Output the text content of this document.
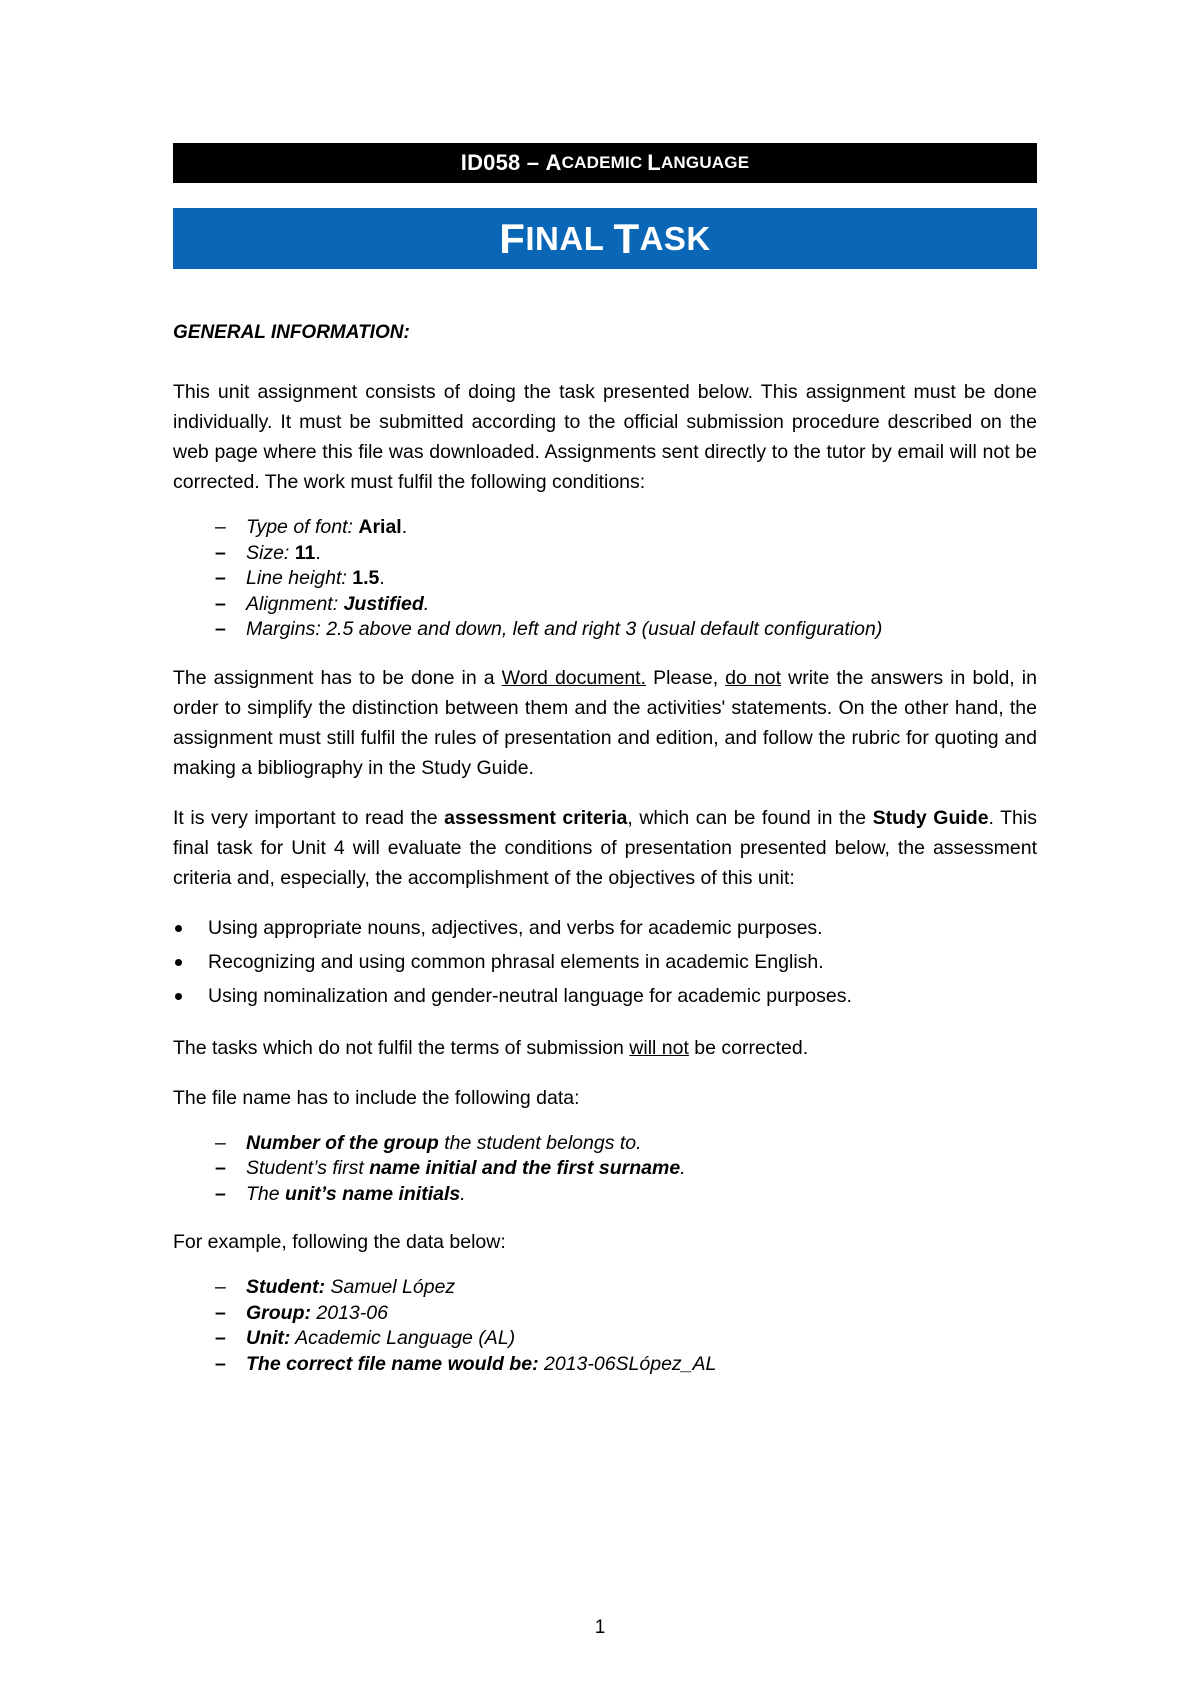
ID058 – A CADEMIC L ANGUAGE
F INAL T ASK
GENERAL INFORMATION:

This unit assignment consists of doing the task presented below. This assignment must be done individually. It must be submitted according to the official submission procedure described on the web page where this file was downloaded. Assignments sent directly to the tutor by email will not be corrected. The work must fulfil the following conditions:

– Type of font: Arial.
– Size: 11.
– Line height: 1.5.
– Alignment: Justified.
– Margins: 2.5 above and down, left and right 3 (usual default configuration)

The assignment has to be done in a Word document. Please, do not write the answers in bold, in order to simplify the distinction between them and the activities' statements. On the other hand, the assignment must still fulfil the rules of presentation and edition, and follow the rubric for quoting and making a bibliography in the Study Guide.

It is very important to read the assessment criteria, which can be found in the Study Guide. This final task for Unit 4 will evaluate the conditions of presentation presented below, the assessment criteria and, especially, the accomplishment of the objectives of this unit:

Using appropriate nouns, adjectives, and verbs for academic purposes.
Recognizing and using common phrasal elements in academic English.
Using nominalization and gender-neutral language for academic purposes.

The tasks which do not fulfil the terms of submission will not be corrected.

The file name has to include the following data:

– Number of the group the student belongs to.
– Student’s first name initial and the first surname.
– The unit’s name initials.

For example, following the data below:

– Student: Samuel López
– Group: 2013-06
– Unit: Academic Language (AL)
– The correct file name would be: 2013-06SLópez_AL
1
